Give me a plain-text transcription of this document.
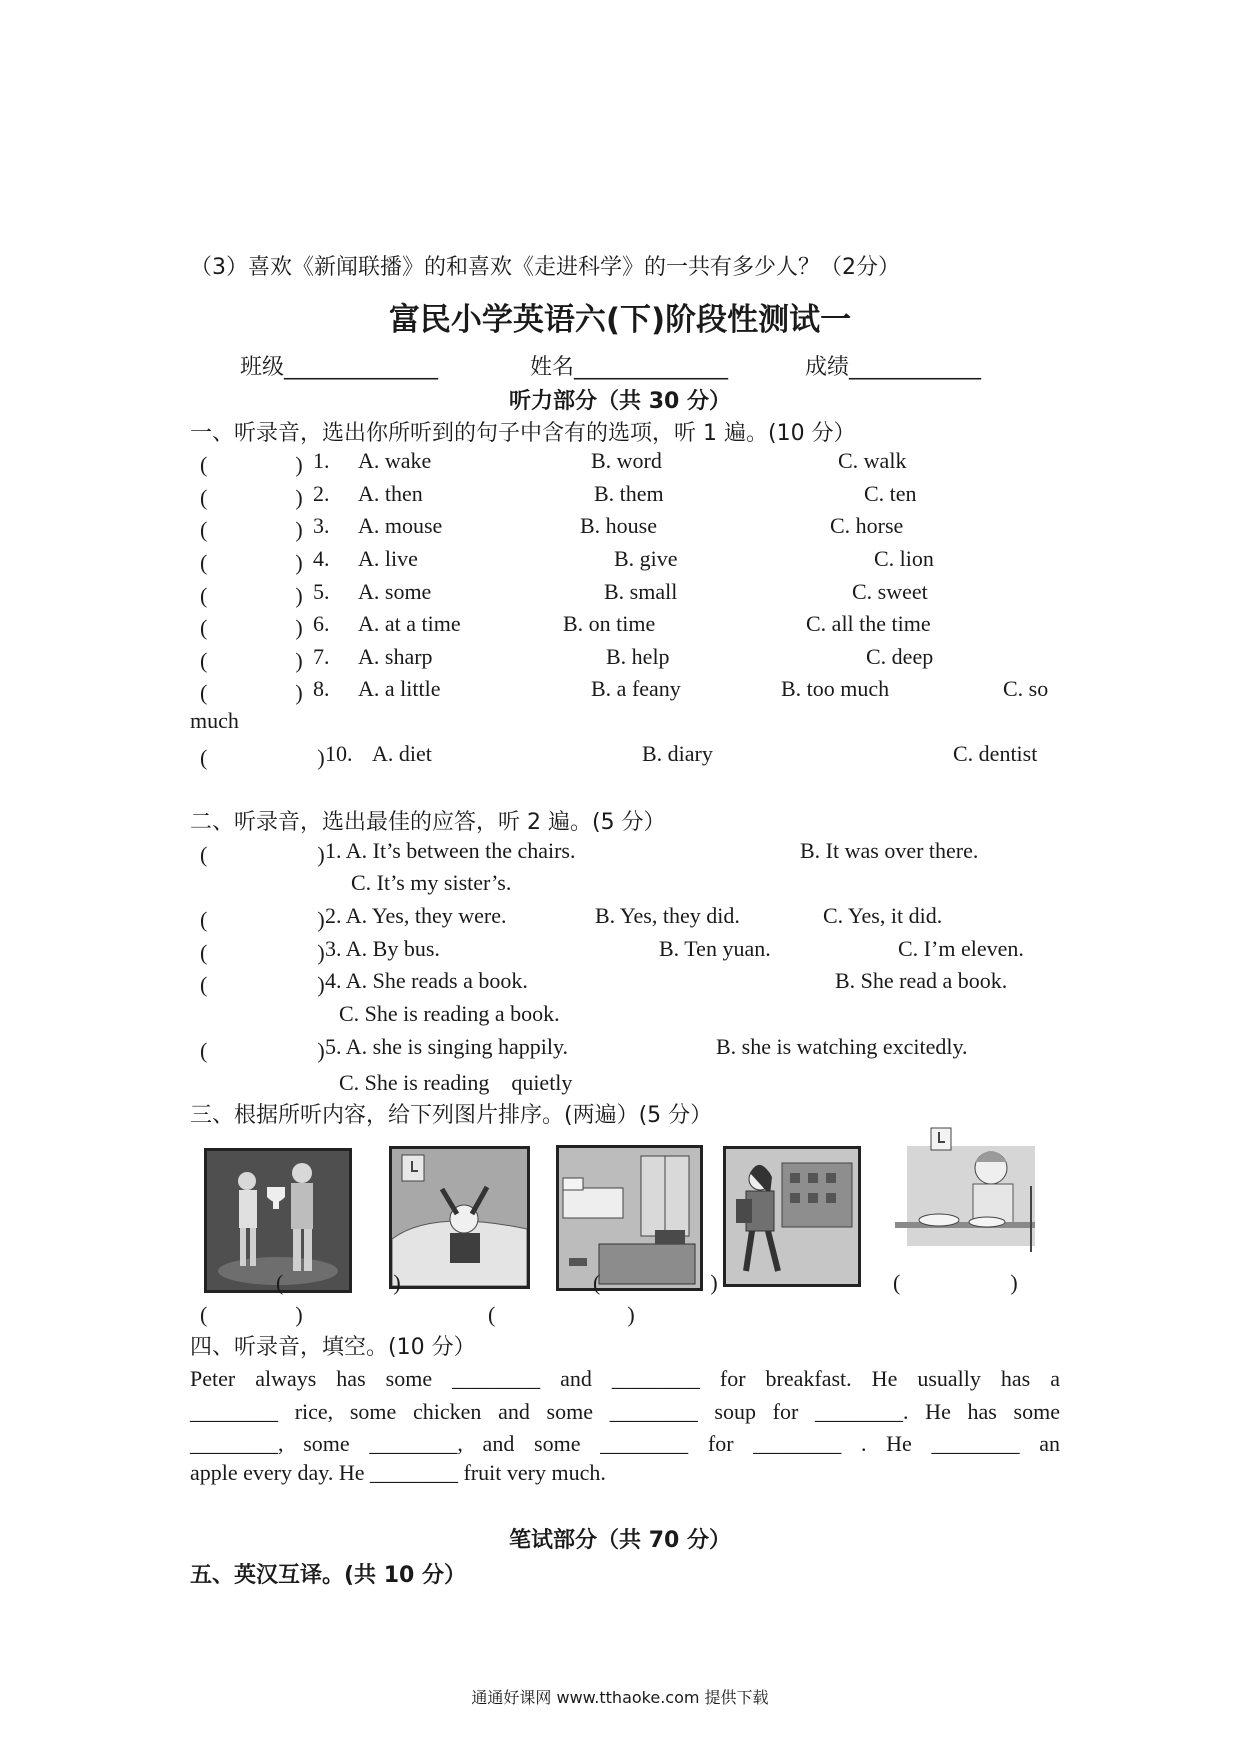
（3）喜欢《新闻联播》的和喜欢《走进科学》的一共有多少人？（2分）
富民小学英语六(下)阶段性测试一
班级______________	姓名______________	成绩____________
听力部分（共 30 分）
一、听录音，选出你所听到的句子中含有的选项，听 1 遍。(10 分）
(　　　　) 1. A. wake	B. word	C. walk
(　　　　) 2. A. then	B. them	C. ten
(　　　　) 3. A. mouse	B. house	C. horse
(　　　　) 4. A. live	B. give	C. lion
(　　　　) 5. A. some	B. small	C. sweet
(　　　　) 6. A. at a time	B. on time	C. all the time
(　　　　) 7. A. sharp	B. help	C. deep
(　　　　) 8. A. a little	B. a feany	B. too much	C. so
much
(　　　　　) 10. A. diet	B. diary	C. dentist
二、听录音，选出最佳的应答，听 2 遍。(5 分）
(　　　　　) 1. A. It’s between the chairs.	B. It was over there.
C. It’s my sister’s.
(　　　　　) 2. A. Yes, they were.	B. Yes, they did.	C. Yes, it did.
(　　　　　) 3. A. By bus.	B. Ten yuan.	C. I’m eleven.
(　　　　　) 4. A. She reads a book.	B. She read a book.
C. She is reading a book.
(　　　　　) 5. A. she is singing happily.	B. she is watching excitedly.
C. She is reading　quietly
三、根据所听内容，给下列图片排序。(两遍）(5 分）
(　　　　　)	(　　　　　)	(　　　　　)
(　　　　)	(　　　　　　)
四、听录音，填空。(10 分）
Peter always has some ________ and ________ for breakfast. He usually has a
________ rice, some chicken and some ________ soup for ________. He has some
________, some ________, and some ________ for ________ . He ________ an
apple every day. He ________ fruit very much.
笔试部分（共 70 分）
五、英汉互译。(共 10 分）
通通好课网 www.tthaoke.com 提供下载
